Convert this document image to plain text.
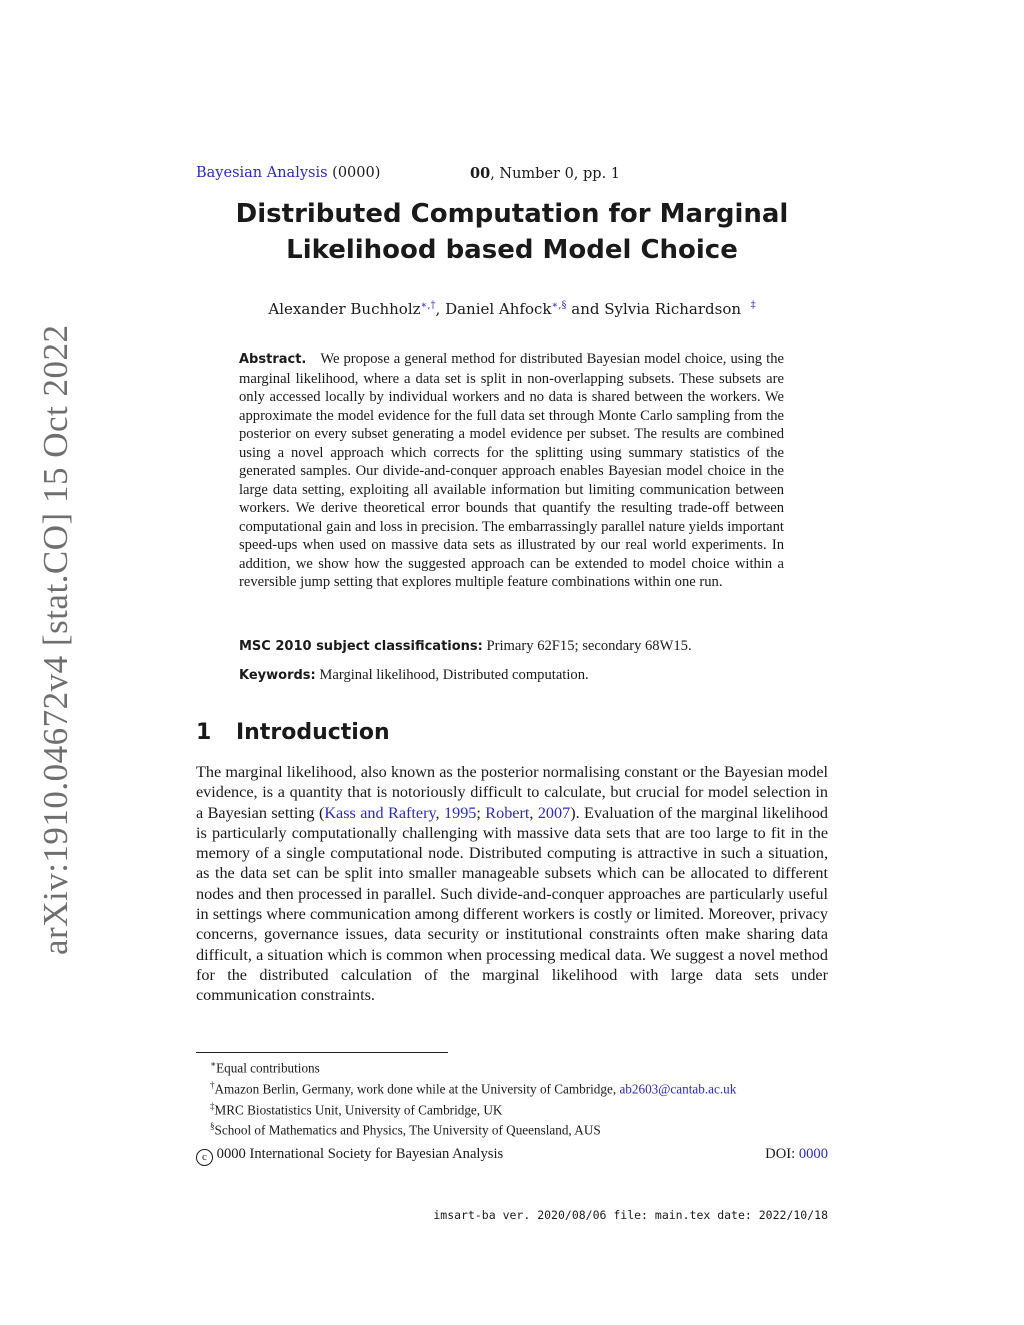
arXiv:1910.04672v4 [stat.CO] 15 Oct 2022
Bayesian Analysis (0000)	00, Number 0, pp. 1
Distributed Computation for Marginal Likelihood based Model Choice
Alexander Buchholz∗,†, Daniel Ahfock∗,§ and Sylvia Richardson ‡
Abstract. We propose a general method for distributed Bayesian model choice, using the marginal likelihood, where a data set is split in non-overlapping subsets. These subsets are only accessed locally by individual workers and no data is shared between the workers. We approximate the model evidence for the full data set through Monte Carlo sampling from the posterior on every subset generating a model evidence per subset. The results are combined using a novel approach which corrects for the splitting using summary statistics of the generated samples. Our divide-and-conquer approach enables Bayesian model choice in the large data setting, exploiting all available information but limiting communication between workers. We derive theoretical error bounds that quantify the resulting trade-off between computational gain and loss in precision. The embarrassingly parallel nature yields important speed-ups when used on massive data sets as illustrated by our real world experiments. In addition, we show how the suggested approach can be extended to model choice within a reversible jump setting that explores multiple feature combinations within one run.
MSC 2010 subject classifications: Primary 62F15; secondary 68W15.
Keywords: Marginal likelihood, Distributed computation.
1 Introduction
The marginal likelihood, also known as the posterior normalising constant or the Bayesian model evidence, is a quantity that is notoriously difficult to calculate, but crucial for model selection in a Bayesian setting (Kass and Raftery, 1995; Robert, 2007). Evaluation of the marginal likelihood is particularly computationally challenging with massive data sets that are too large to fit in the memory of a single computational node. Distributed computing is attractive in such a situation, as the data set can be split into smaller manageable subsets which can be allocated to different nodes and then processed in parallel. Such divide-and-conquer approaches are particularly useful in settings where communication among different workers is costly or limited. Moreover, privacy concerns, governance issues, data security or institutional constraints often make sharing data difficult, a situation which is common when processing medical data. We suggest a novel method for the distributed calculation of the marginal likelihood with large data sets under communication constraints.
∗Equal contributions
†Amazon Berlin, Germany, work done while at the University of Cambridge, ab2603@cantab.ac.uk
‡MRC Biostatistics Unit, University of Cambridge, UK
§School of Mathematics and Physics, The University of Queensland, AUS
c 0000 International Society for Bayesian Analysis	DOI: 0000
imsart-ba ver. 2020/08/06 file: main.tex date: 2022/10/18
